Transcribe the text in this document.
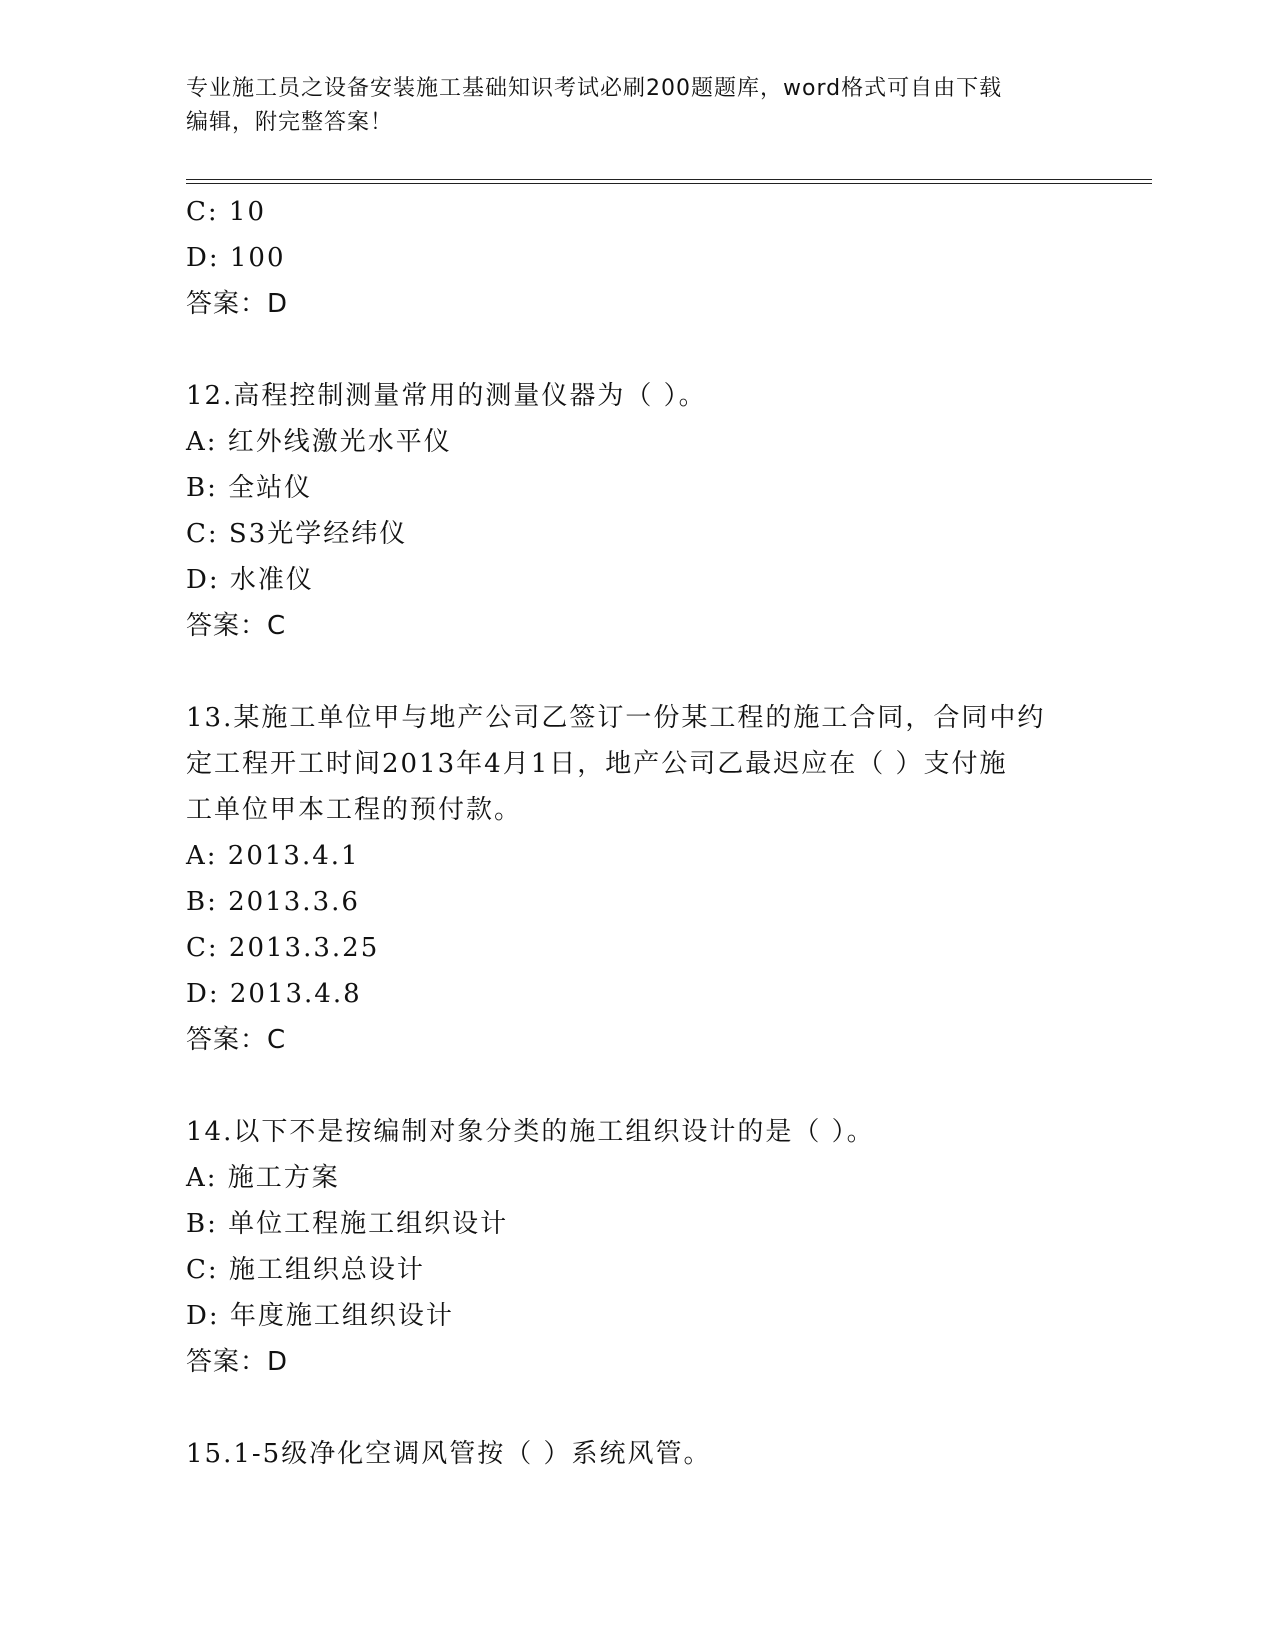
专业施工员之设备安装施工基础知识考试必刷200题题库，word格式可自由下载
编辑，附完整答案！
C: 10
D: 100
答案：D
12.高程控制测量常用的测量仪器为（ ）。
A: 红外线激光水平仪
B: 全站仪
C: S3光学经纬仪
D: 水准仪
答案：C
13.某施工单位甲与地产公司乙签订一份某工程的施工合同，合同中约
定工程开工时间2013年4月1日，地产公司乙最迟应在（ ）支付施
工单位甲本工程的预付款。
A: 2013.4.1
B: 2013.3.6
C: 2013.3.25
D: 2013.4.8
答案：C
14.以下不是按编制对象分类的施工组织设计的是（ ）。
A: 施工方案
B: 单位工程施工组织设计
C: 施工组织总设计
D: 年度施工组织设计
答案：D
15.1-5级净化空调风管按（ ）系统风管。
